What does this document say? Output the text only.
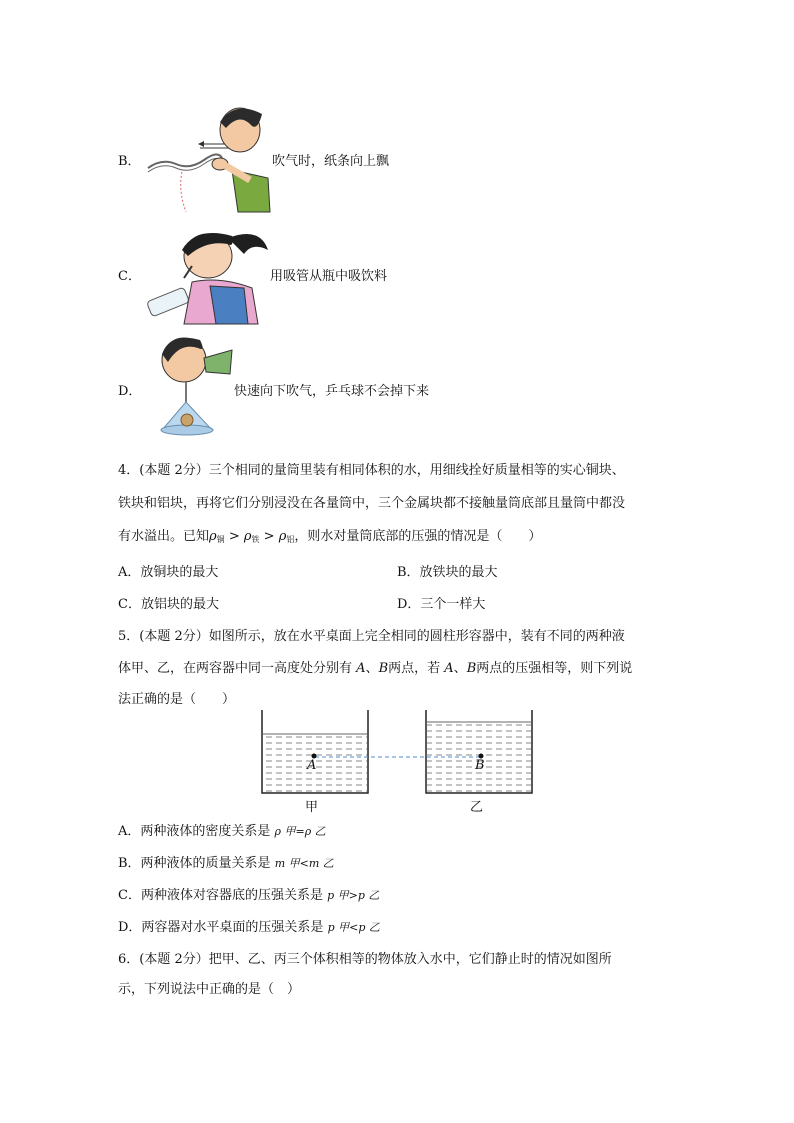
B．	吹气时，纸条向上飘
C．	用吸管从瓶中吸饮料
D．	快速向下吹气，乒乓球不会掉下来
4．(本题 2分）三个相同的量筒里装有相同体积的水，用细线拴好质量相等的实心铜块、
铁块和铝块，再将它们分别浸没在各量筒中，三个金属块都不接触量筒底部且量筒中都没
有水溢出。已知$\rho_铜 > \rho_铁 > \rho_铝$，则水对量筒底部的压强的情况是（　　）
A．放铜块的最大	B．放铁块的最大
C．放铝块的最大	D．三个一样大
5．(本题 2分）如图所示，放在水平桌面上完全相同的圆柱形容器中，装有不同的两种液
体甲、乙，在两容器中同一高度处分别有 A、B两点，若 A、B两点的压强相等，则下列说
法正确的是（　　）
A	B
甲	乙
A．两种液体的密度关系是 ρ 甲=ρ 乙
B．两种液体的质量关系是 m 甲<m 乙
C．两种液体对容器底的压强关系是 p 甲>p 乙
D．两容器对水平桌面的压强关系是 p 甲<p 乙
6．(本题 2分）把甲、乙、丙三个体积相等的物体放入水中，它们静止时的情况如图所
示，下列说法中正确的是（　）
